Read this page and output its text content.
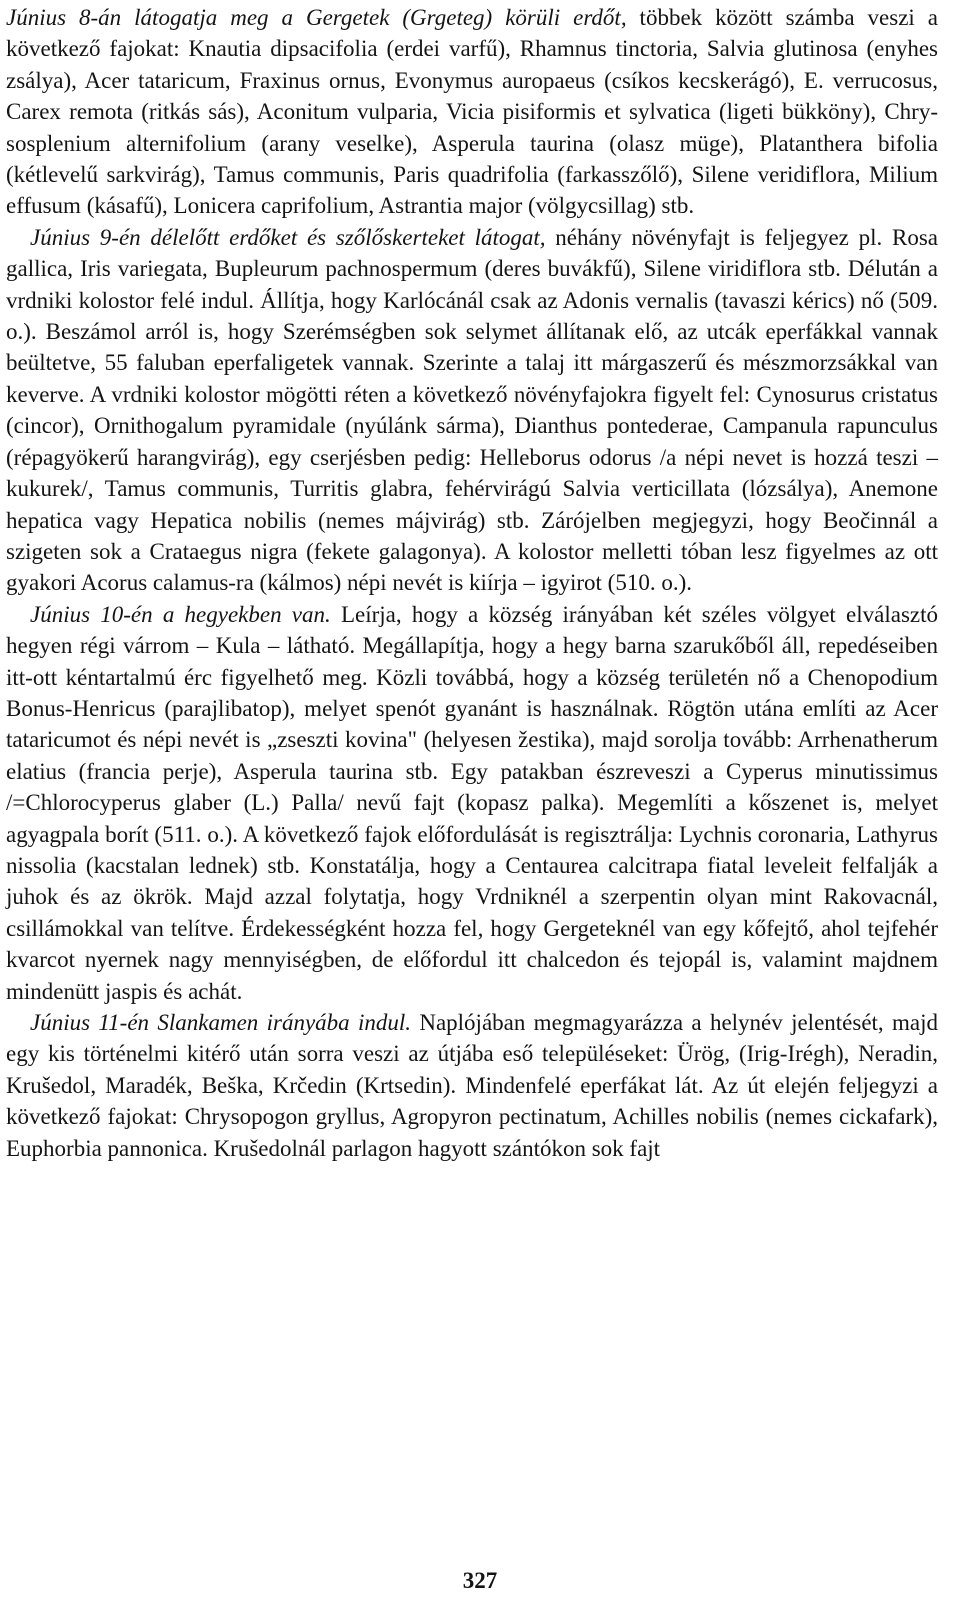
Június 8-án látogatja meg a Gergetek (Grgeteg) körüli erdőt, többek között számba veszi a következő fajokat: Knautia dipsacifolia (erdei varfű), Rhamnus tinctoria, Salvia glutinosa (enyhes zsálya), Acer tataricum, Fraxinus ornus, Evonymus auropaeus (csíkos kecskerágó), E. verrucosus, Carex remota (ritkás sás), Aconitum vulparia, Vicia pisiformis et sylvatica (ligeti bükköny), Chrysosplenium alternifolium (arany veselke), Asperula taurina (olasz müge), Platanthera bifolia (kétlevelű sarkvirág), Tamus communis, Paris quadrifolia (farkasszőlő), Silene veridiflora, Milium effusum (kásafű), Lonicera caprifolium, Astrantia major (völgycsillag) stb.

Június 9-én délelőtt erdőket és szőlőskerteket látogat, néhány növényfajt is feljegyez pl. Rosa gallica, Iris variegata, Bupleurum pachnospermum (deres buvákfű), Silene viridiflora stb. Délután a vrdniki kolostor felé indul. Állítja, hogy Karlócánál csak az Adonis vernalis (tavaszi kérics) nő (509. o.). Beszámol arról is, hogy Szerémségben sok selymet állítanak elő, az utcák eperfákkal vannak beültetve, 55 faluban eperfaligetek vannak. Szerinte a talaj itt márgaszerű és mészmorzsákkal van keverve. A vrdniki kolostor mögötti réten a következő növényfajokra figyelt fel: Cynosurus cristatus (cincor), Ornithogalum pyramidale (nyúlánk sárma), Dianthus pontederae, Campanula rapunculus (répagyökerű harangvirág), egy cserjésben pedig: Helleborus odorus /a népi nevet is hozzá teszi – kukurek/, Tamus communis, Turritis glabra, fehérvirágú Salvia verticillata (lózsálya), Anemone hepatica vagy Hepatica nobilis (nemes májvirág) stb. Zárójelben megjegyzi, hogy Beočinnál a szigeten sok a Crataegus nigra (fekete galagonya). A kolostor melletti tóban lesz figyelmes az ott gyakori Acorus calamus-ra (kálmos) népi nevét is kiírja – igyirot (510. o.).

Június 10-én a hegyekben van. Leírja, hogy a község irányában két széles völgyet elválasztó hegyen régi várrom – Kula – látható. Megállapítja, hogy a hegy barna szarukőből áll, repedéseiben itt-ott kéntartalmú érc figyelhető meg. Közli továbbá, hogy a község területén nő a Chenopodium Bonus-Henricus (parajlibatop), melyet spenót gyanánt is használnak. Rögtön utána említi az Acer tataricumot és népi nevét is „zseszti kovina" (helyesen žestika), majd sorolja tovább: Arrhenatherum elatius (francia perje), Asperula taurina stb. Egy patakban észreveszi a Cyperus minutissimus /=Chlorocyperus glaber (L.) Palla/ nevű fajt (kopasz palka). Megemlíti a kőszenet is, melyet agyagpala borít (511. o.). A következő fajok előfordulását is regisztrálja: Lychnis coronaria, Lathyrus nissolia (kacstalan lednek) stb. Konstatálja, hogy a Centaurea calcitrapa fiatal leveleit felfalják a juhok és az ökrök. Majd azzal folytatja, hogy Vrdniknél a szerpentin olyan mint Rakovacnál, csillámokkal van telítve. Érdekességként hozza fel, hogy Gergeteknél van egy kőfejtő, ahol tejfehér kvarcot nyernek nagy mennyiségben, de előfordul itt chalcedon és tejopál is, valamint majdnem mindenütt jaspis és achát.

Június 11-én Slankamen irányába indul. Naplójában megmagyarázza a helynév jelentését, majd egy kis történelmi kitérő után sorra veszi az útjába eső településeket: Ürög, (Irig-Irégh), Neradin, Krušedol, Maradék, Beška, Krčedin (Krtsedin). Mindenfelé eperfákat lát. Az út elején feljegyzi a következő fajokat: Chrysopogon gryllus, Agropyron pectinatum, Achilles nobilis (nemes cickafark), Euphorbia pannonica. Krušedolnál parlagon hagyott szántókon sok fajt

327
